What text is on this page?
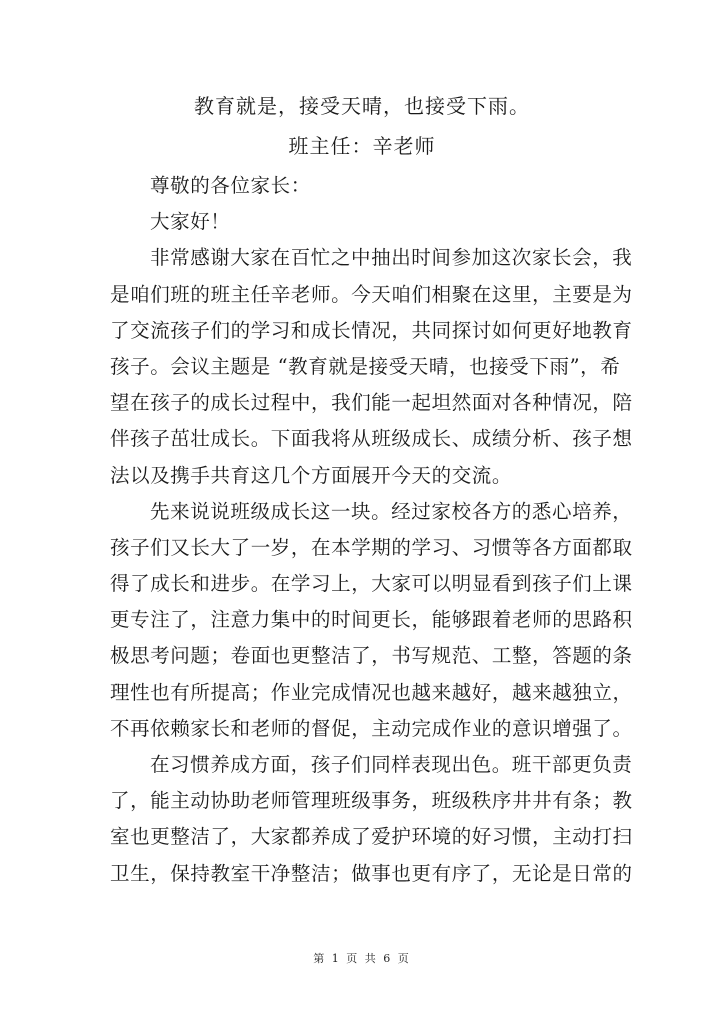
教育就是，接受天晴，也接受下雨。
班主任：辛老师
尊敬的各位家长：
大家好！
非常感谢大家在百忙之中抽出时间参加这次家长会，我
是咱们班的班主任辛老师。今天咱们相聚在这里，主要是为
了交流孩子们的学习和成长情况，共同探讨如何更好地教育
孩子。会议主题是 “教育就是接受天晴，也接受下雨”，希
望在孩子的成长过程中，我们能一起坦然面对各种情况，陪
伴孩子茁壮成长。下面我将从班级成长、成绩分析、孩子想
法以及携手共育这几个方面展开今天的交流。
先来说说班级成长这一块。经过家校各方的悉心培养，
孩子们又长大了一岁，在本学期的学习、习惯等各方面都取
得了成长和进步。在学习上，大家可以明显看到孩子们上课
更专注了，注意力集中的时间更长，能够跟着老师的思路积
极思考问题；卷面也更整洁了，书写规范、工整，答题的条
理性也有所提高；作业完成情况也越来越好，越来越独立，
不再依赖家长和老师的督促，主动完成作业的意识增强了。
在习惯养成方面，孩子们同样表现出色。班干部更负责
了，能主动协助老师管理班级事务，班级秩序井井有条；教
室也更整洁了，大家都养成了爱护环境的好习惯，主动打扫
卫生，保持教室干净整洁；做事也更有序了，无论是日常的
第 1 页 共 6 页
